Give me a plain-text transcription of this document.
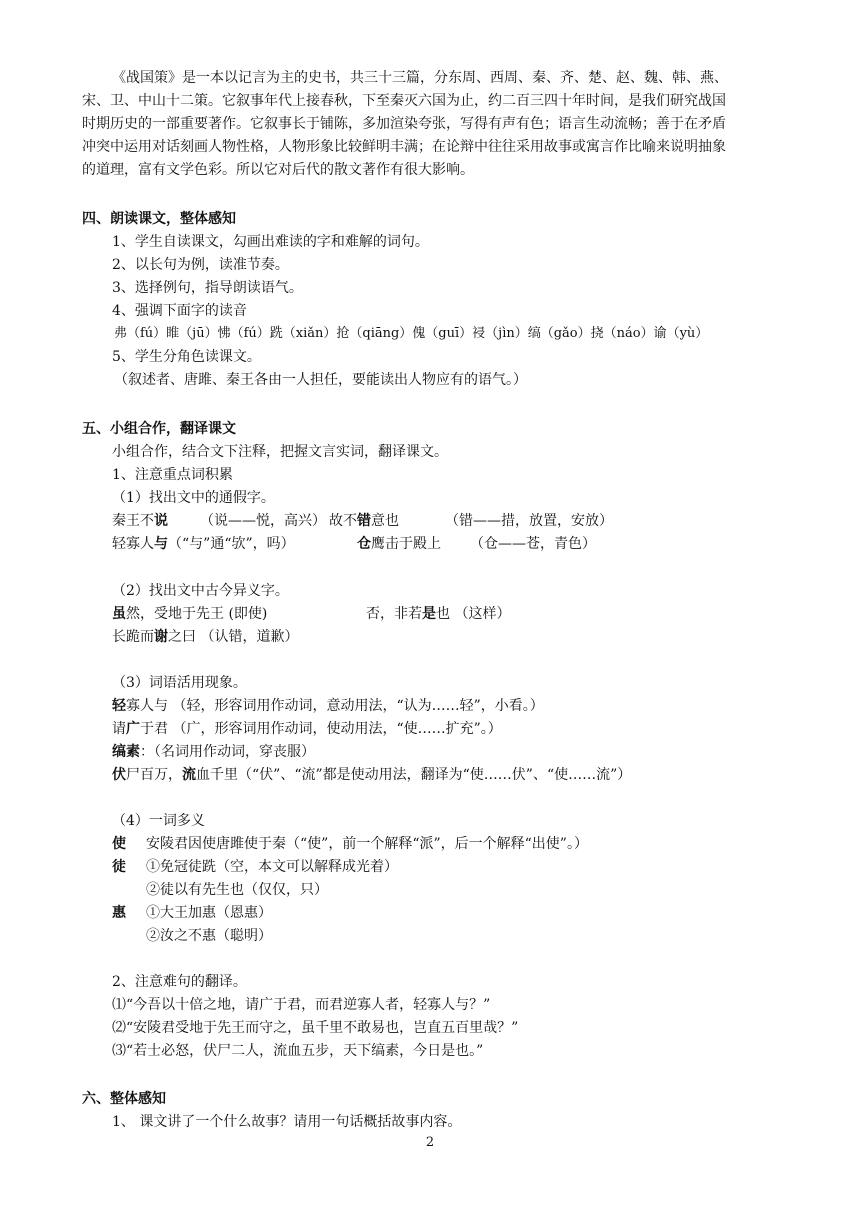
《战国策》是一本以记言为主的史书，共三十三篇，分东周、西周、秦、齐、楚、赵、魏、韩、燕、
宋、卫、中山十二策。它叙事年代上接春秋，下至秦灭六国为止，约二百三四十年时间，是我们研究战国
时期历史的一部重要著作。它叙事长于铺陈，多加渲染夸张，写得有声有色；语言生动流畅；善于在矛盾
冲突中运用对话刻画人物性格，人物形象比较鲜明丰满；在论辩中往往采用故事或寓言作比喻来说明抽象
的道理，富有文学色彩。所以它对后代的散文著作有很大影响。
四、朗读课文，整体感知
1、学生自读课文，勾画出难读的字和难解的词句。
2、以长句为例，读准节奏。
3、选择例句，指导朗读语气。
4、强调下面字的读音
弗（fú）睢（jū）怫（fú）跣（xiǎn）抢（qiāng）傀（guī）祲（jìn）缟（gǎo）挠（náo）谕（yù）
5、学生分角色读课文。
（叙述者、唐雎、秦王各由一人担任，要能读出人物应有的语气。）
五、小组合作，翻译课文
小组合作，结合文下注释，把握文言实词，翻译课文。
1、注意重点词积累
（1）找出文中的通假字。
秦王不说 （说——悦，高兴） 故不错意也	（错——措，放置，安放）
轻寡人与（“与”通“欤”，吗）	仓鹰击于殿上 （仓——苍，青色）
（2）找出文中古今异义字。
虽然，受地于先王 (即使)	否，非若是也 （这样）
长跪而谢之曰 （认错，道歉）
（3）词语活用现象。
轻寡人与 （轻，形容词用作动词，意动用法，“认为……轻”，小看。）
请广于君 （广，形容词用作动词，使动用法，“使……扩充”。）
缟素：（名词用作动词，穿丧服）
伏尸百万，流血千里（“伏”、“流”都是使动用法，翻译为“使……伏”、“使……流”）
（4）一词多义
使 安陵君因使唐雎使于秦（“使”，前一个解释“派”，后一个解释“出使”。）
徒 ①免冠徒跣（空，本文可以解释成光着）
②徒以有先生也（仅仅，只）
惠 ①大王加惠（恩惠）
②汝之不惠（聪明）
2、注意难句的翻译。
⑴“今吾以十倍之地，请广于君，而君逆寡人者，轻寡人与？”
⑵“安陵君受地于先王而守之，虽千里不敢易也，岂直五百里哉？”
⑶“若士必怒，伏尸二人，流血五步，天下缟素，今日是也。”
六、整体感知
1、 课文讲了一个什么故事？请用一句话概括故事内容。
2
